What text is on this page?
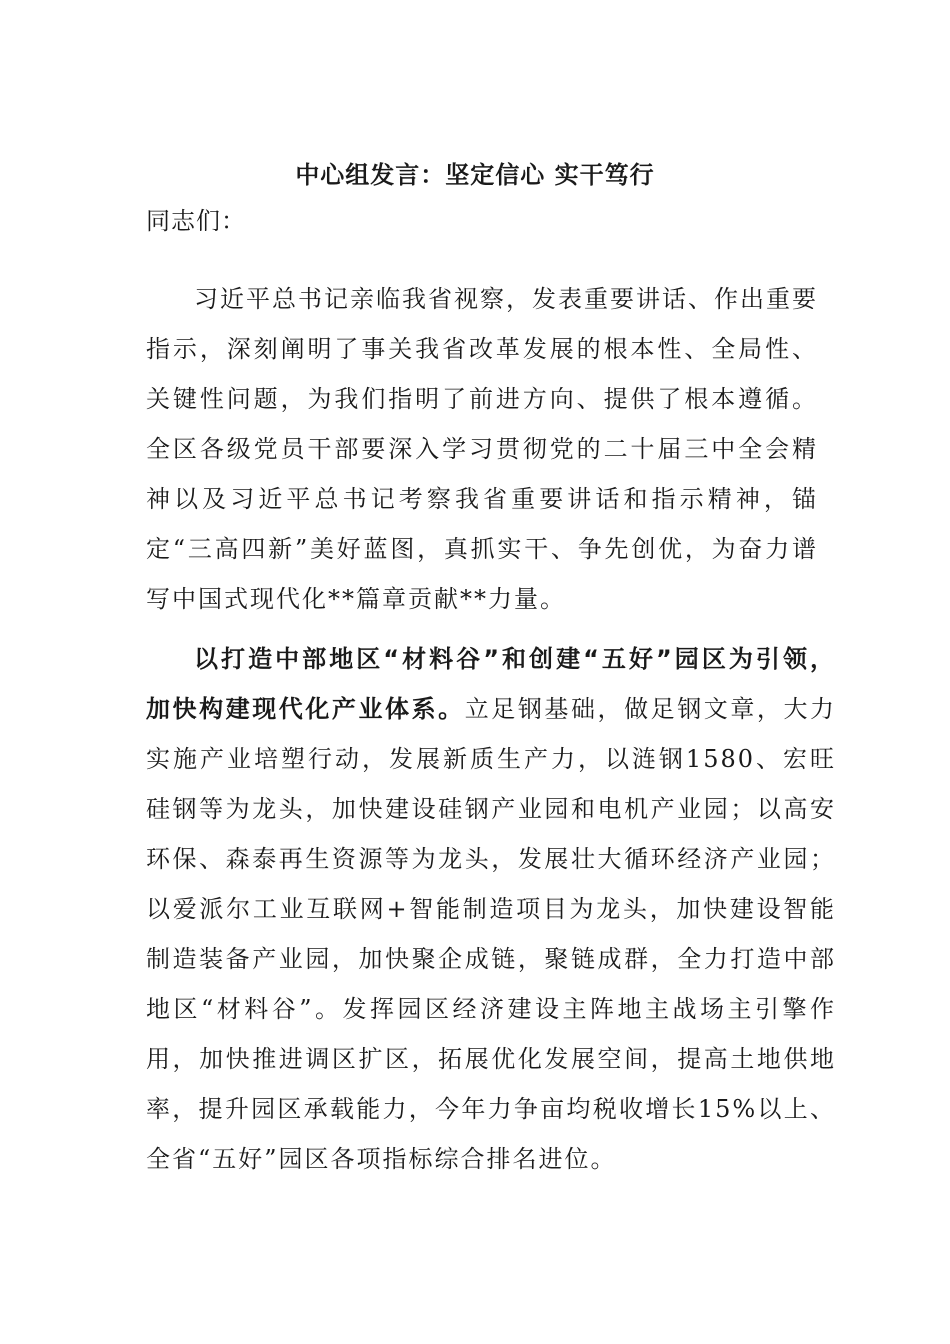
中心组发言：坚定信心 实干笃行
同志们：

习近平总书记亲临我省视察，发表重要讲话、作出重要指示，深刻阐明了事关我省改革发展的根本性、全局性、关键性问题，为我们指明了前进方向、提供了根本遵循。全区各级党员干部要深入学习贯彻党的二十届三中全会精神以及习近平总书记考察我省重要讲话和指示精神，锚定“三高四新”美好蓝图，真抓实干、争先创优，为奋力谱写中国式现代化**篇章贡献**力量。

以打造中部地区“材料谷”和创建“五好”园区为引领，加快构建现代化产业体系。立足钢基础，做足钢文章，大力实施产业培塑行动，发展新质生产力，以涟钢1580、宏旺硅钢等为龙头，加快建设硅钢产业园和电机产业园；以高安环保、森泰再生资源等为龙头，发展壮大循环经济产业园；以爱派尔工业互联网+智能制造项目为龙头，加快建设智能制造装备产业园，加快聚企成链，聚链成群，全力打造中部地区“材料谷”。发挥园区经济建设主阵地主战场主引擎作用，加快推进调区扩区，拓展优化发展空间，提高土地供地率，提升园区承载能力，今年力争亩均税收增长15%以上、全省“五好”园区各项指标综合排名进位。
